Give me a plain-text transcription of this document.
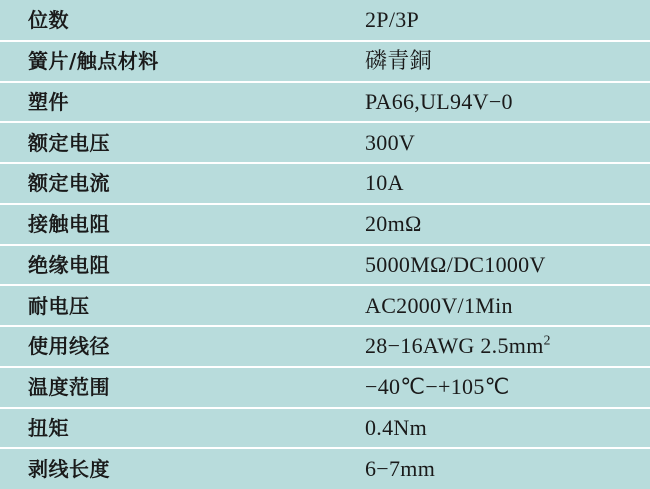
位数	2P/3P
簧片/触点材料	磷青銅
塑件	PA66,UL94V−0
额定电压	300V
额定电流	10A
接触电阻	20mΩ
绝缘电阻	5000MΩ/DC1000V
耐电压	AC2000V/1Min
使用线径	28−16AWG $2.5mm^2$
温度范围	−40℃−+105℃
扭矩	0.4Nm
剥线长度	6−7mm
